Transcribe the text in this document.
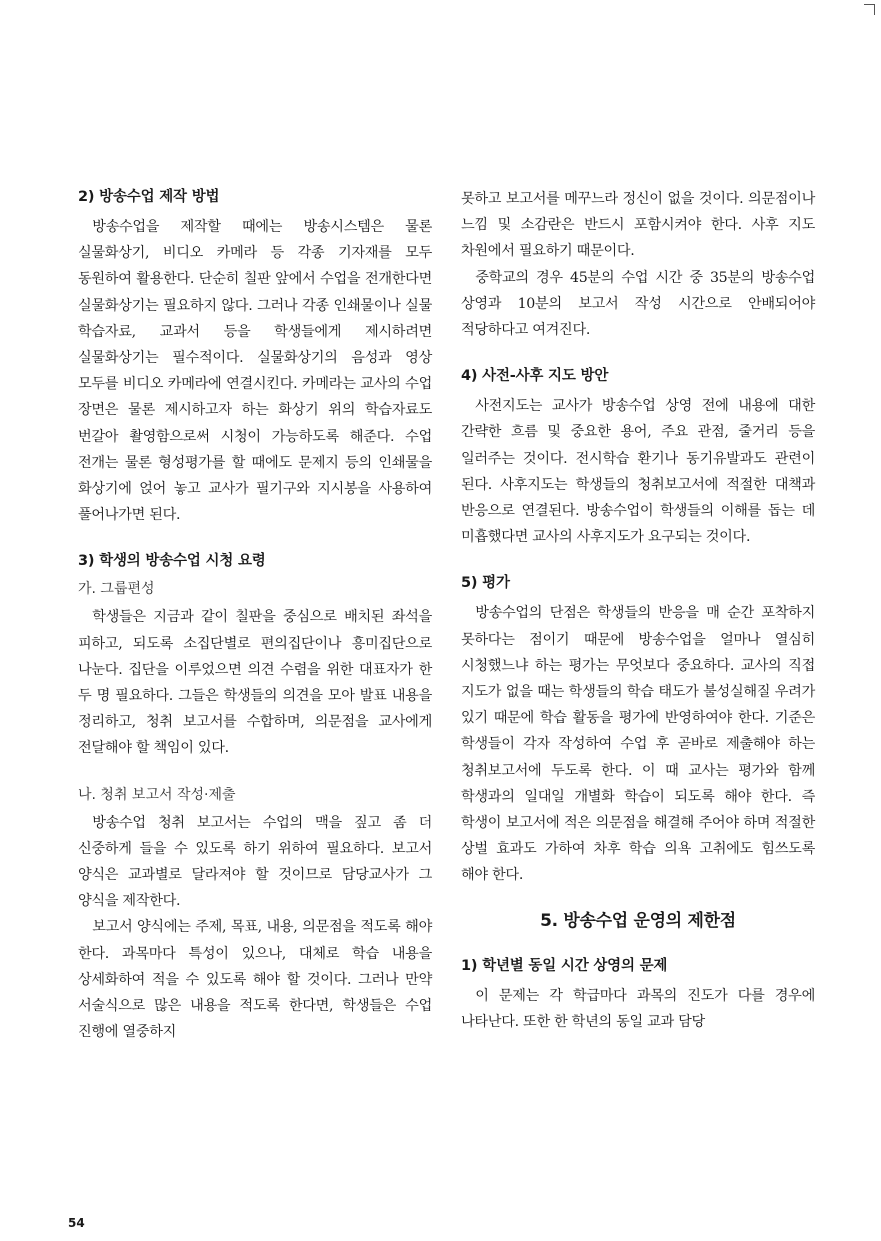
2) 방송수업 제작 방법

방송수업을 제작할 때에는 방송시스템은 물론 실물화상기, 비디오 카메라 등 각종 기자재를 모두 동원하여 활용한다. 단순히 칠판 앞에서 수업을 전개한다면 실물화상기는 필요하지 않다. 그러나 각종 인쇄물이나 실물 학습자료, 교과서 등을 학생들에게 제시하려면 실물화상기는 필수적이다. 실물화상기의 음성과 영상 모두를 비디오 카메라에 연결시킨다. 카메라는 교사의 수업 장면은 물론 제시하고자 하는 화상기 위의 학습자료도 번갈아 촬영함으로써 시청이 가능하도록 해준다. 수업 전개는 물론 형성평가를 할 때에도 문제지 등의 인쇄물을 화상기에 얹어 놓고 교사가 필기구와 지시봉을 사용하여 풀어나가면 된다.

3) 학생의 방송수업 시청 요령
가. 그룹편성

학생들은 지금과 같이 칠판을 중심으로 배치된 좌석을 피하고, 되도록 소집단별로 편의집단이나 흥미집단으로 나눈다. 집단을 이루었으면 의견 수렴을 위한 대표자가 한 두 명 필요하다. 그들은 학생들의 의견을 모아 발표 내용을 정리하고, 청취 보고서를 수합하며, 의문점을 교사에게 전달해야 할 책임이 있다.

나. 청취 보고서 작성·제출

방송수업 청취 보고서는 수업의 맥을 짚고 좀 더 신중하게 들을 수 있도록 하기 위하여 필요하다. 보고서 양식은 교과별로 달라져야 할 것이므로 담당교사가 그 양식을 제작한다.

보고서 양식에는 주제, 목표, 내용, 의문점을 적도록 해야 한다. 과목마다 특성이 있으나, 대체로 학습 내용을 상세화하여 적을 수 있도록 해야 할 것이다. 그러나 만약 서술식으로 많은 내용을 적도록 한다면, 학생들은 수업 진행에 열중하지

못하고 보고서를 메꾸느라 정신이 없을 것이다. 의문점이나 느낌 및 소감란은 반드시 포함시켜야 한다. 사후 지도 차원에서 필요하기 때문이다.

중학교의 경우 45분의 수업 시간 중 35분의 방송수업 상영과 10분의 보고서 작성 시간으로 안배되어야 적당하다고 여겨진다.

4) 사전-사후 지도 방안

사전지도는 교사가 방송수업 상영 전에 내용에 대한 간략한 흐름 및 중요한 용어, 주요 관점, 줄거리 등을 일러주는 것이다. 전시학습 환기나 동기유발과도 관련이 된다. 사후지도는 학생들의 청취보고서에 적절한 대책과 반응으로 연결된다. 방송수업이 학생들의 이해를 돕는 데 미흡했다면 교사의 사후지도가 요구되는 것이다.

5) 평가

방송수업의 단점은 학생들의 반응을 매 순간 포착하지 못하다는 점이기 때문에 방송수업을 얼마나 열심히 시청했느냐 하는 평가는 무엇보다 중요하다. 교사의 직접 지도가 없을 때는 학생들의 학습 태도가 불성실해질 우려가 있기 때문에 학습 활동을 평가에 반영하여야 한다. 기준은 학생들이 각자 작성하여 수업 후 곧바로 제출해야 하는 청취보고서에 두도록 한다. 이 때 교사는 평가와 함께 학생과의 일대일 개별화 학습이 되도록 해야 한다. 즉 학생이 보고서에 적은 의문점을 해결해 주어야 하며 적절한 상벌 효과도 가하여 차후 학습 의욕 고취에도 힘쓰도록 해야 한다.

5. 방송수업 운영의 제한점
1) 학년별 동일 시간 상영의 문제

이 문제는 각 학급마다 과목의 진도가 다를 경우에 나타난다. 또한 한 학년의 동일 교과 담당

54
